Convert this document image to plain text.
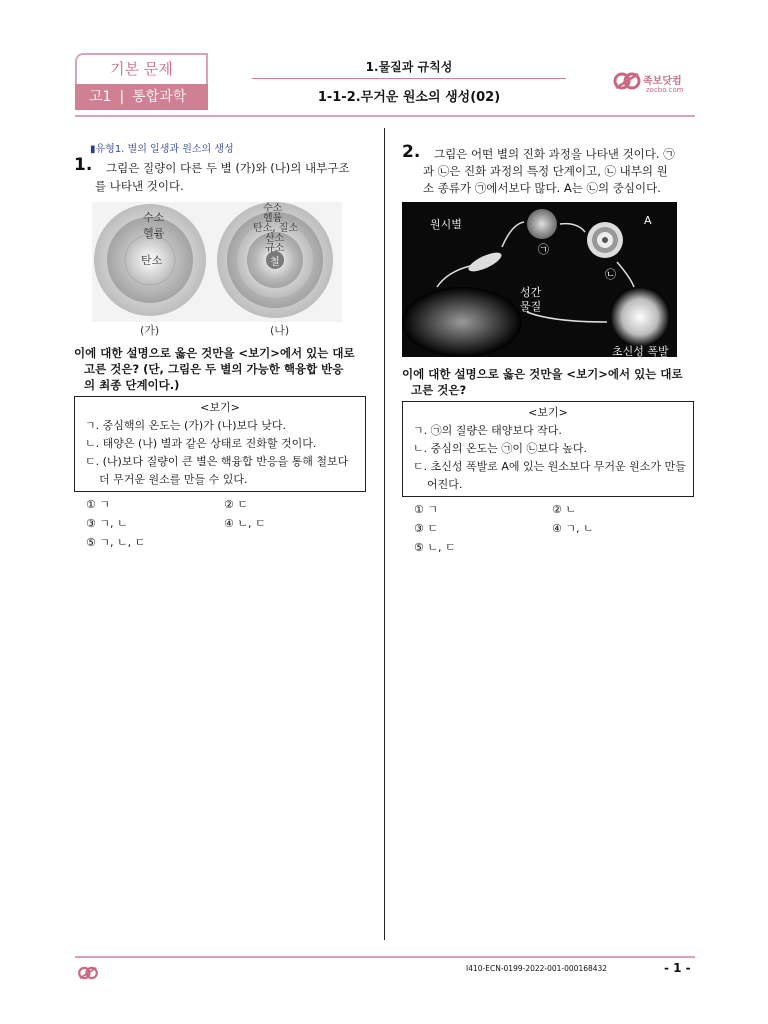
기본 문제
고1 | 통합과학
1.물질과 규칙성
1-1-2.무거운 원소의 생성(02)
족보닷컴
zocbo.com
▮유형1. 별의 일생과 원소의 생성
1. 그림은 질량이 다른 두 별 (가)와 (나)의 내부구조
를 나타낸 것이다.
수소
헬륨
탄소
수소
헬륨
탄소, 질소
산소
규소
철
(가)	(나)
이에 대한 설명으로 옳은 것만을 <보기>에서 있는 대로
고른 것은? (단, 그림은 두 별의 가능한 핵융합 반응
의 최종 단계이다.)
<보기>
ㄱ. 중심핵의 온도는 (가)가 (나)보다 낮다.
ㄴ. 태양은 (나) 별과 같은 상태로 진화할 것이다.
ㄷ. (나)보다 질량이 큰 별은 핵융합 반응을 통해 철보다 더 무거운 원소를 만들 수 있다.
① ㄱ	② ㄷ
③ ㄱ, ㄴ	④ ㄴ, ㄷ
⑤ ㄱ, ㄴ, ㄷ
2. 그림은 어떤 별의 진화 과정을 나타낸 것이다. ㉠
과 ㉡은 진화 과정의 특정 단계이고, ㉡ 내부의 원
소 종류가 ㉠에서보다 많다. A는 ㉡의 중심이다.
원시별	A
㉠
㉡
성간
물질
초신성 폭발
이에 대한 설명으로 옳은 것만을 <보기>에서 있는 대로
고른 것은?
<보기>
ㄱ. ㉠의 질량은 태양보다 작다.
ㄴ. 중심의 온도는 ㉠이 ㉡보다 높다.
ㄷ. 초신성 폭발로 A에 있는 원소보다 무거운 원소가 만들어진다.
① ㄱ	② ㄴ
③ ㄷ	④ ㄱ, ㄴ
⑤ ㄴ, ㄷ
I410-ECN-0199-2022-001-000168432	- 1 -
